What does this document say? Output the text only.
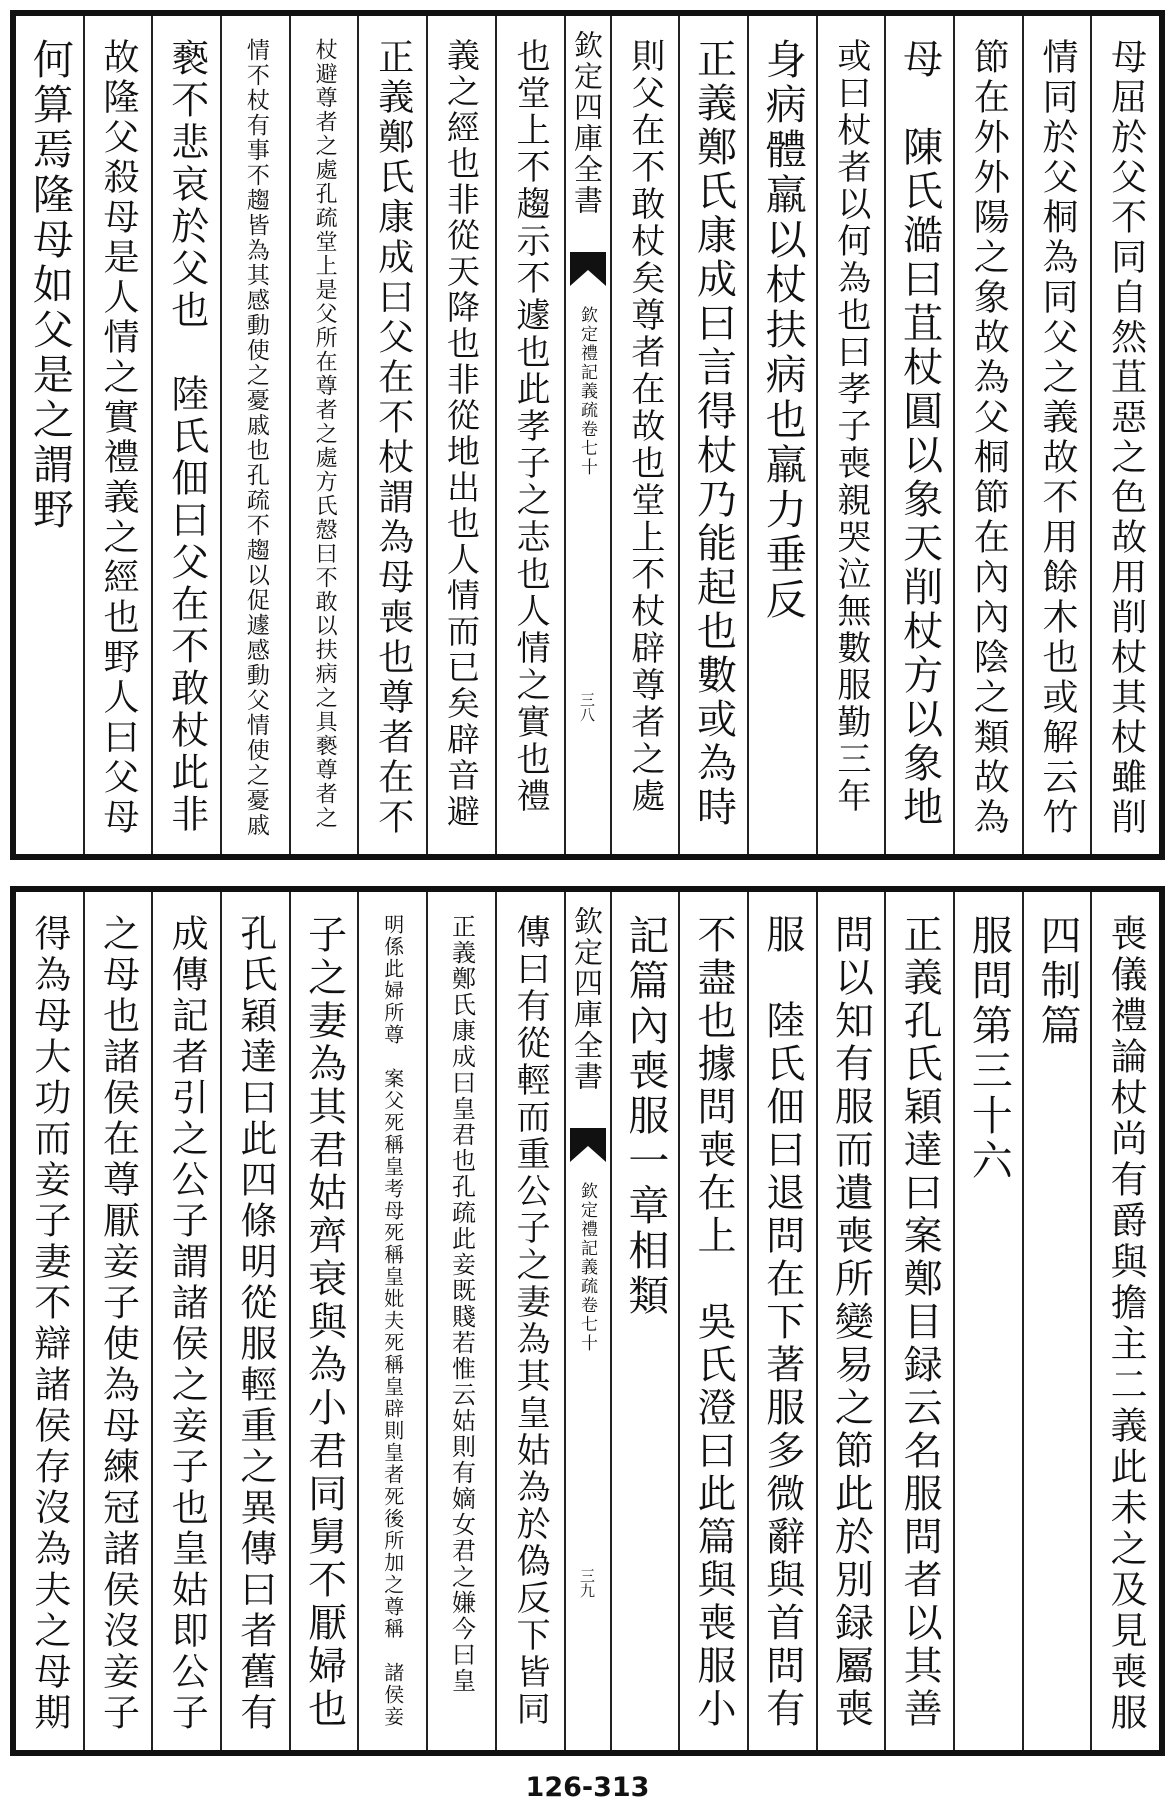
母屈於父不同自然苴惡之色故用削杖其杖雖削
情同於父桐為同父之義故不用餘木也或解云竹
節在外外陽之象故為父桐節在內內陰之類故為
母　陳氏澔曰苴杖圓以象天削杖方以象地
或曰杖者以何為也曰孝子喪親哭泣無數服勤三年
身病體羸以杖扶病也羸力垂反
正義鄭氏康成曰言得杖乃能起也數或為時
則父在不敢杖矣尊者在故也堂上不杖辟尊者之處
欽定四庫全書
欽定禮記義疏卷七十
三八
也堂上不趨示不遽也此孝子之志也人情之實也禮
義之經也非從天降也非從地出也人情而已矣辟音避
正義鄭氏康成曰父在不杖謂為母喪也尊者在不
杖避尊者之處孔疏堂上是父所在尊者之處方氏慤曰不敢以扶病之具褻尊者之
情不杖有事不趨皆為其感動使之憂戚也孔疏不趨以促遽感動父情使之憂戚
褻不悲哀於父也　陸氏佃曰父在不敢杖此非
故隆父殺母是人情之實禮義之經也野人曰父母
何算焉隆母如父是之謂野
喪儀禮論杖尚有爵與擔主二義此未之及見喪服
四制篇
服問第三十六
正義孔氏穎達曰案鄭目録云名服問者以其善
問以知有服而遺喪所變易之節此於別録屬喪
服　陸氏佃曰退問在下著服多微辭與首問有
不盡也據問喪在上　吳氏澄曰此篇與喪服小
記篇內喪服一章相類
欽定四庫全書
欽定禮記義疏卷七十
三九
傳曰有從輕而重公子之妻為其皇姑為於偽反下皆同
正義鄭氏康成曰皇君也孔疏此妾既賤若惟云姑則有嫡女君之嫌今曰皇
明係此婦所尊　案父死稱皇考母死稱皇妣夫死稱皇辟則皇者死後所加之尊稱　諸侯妾
子之妻為其君姑齊衰與為小君同舅不厭婦也
孔氏穎達曰此四條明從服輕重之異傳曰者舊有
成傳記者引之公子謂諸侯之妾子也皇姑即公子
之母也諸侯在尊厭妾子使為母練冠諸侯沒妾子
得為母大功而妾子妻不辯諸侯存沒為夫之母期
126-313
